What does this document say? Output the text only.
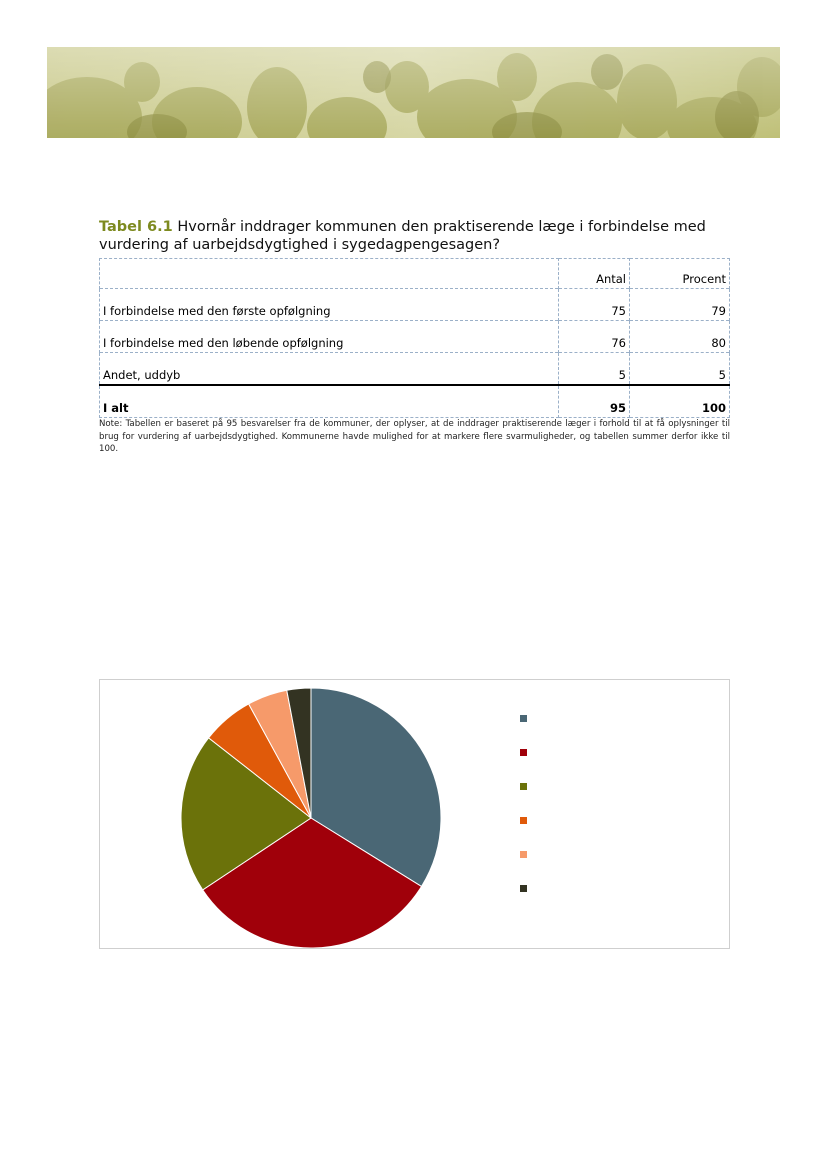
Tabel 6.1 Hvornår inddrager kommunen den praktiserende læge i forbindelse med
vurdering af uarbejdsdygtighed i sygedagpengesagen?
	Antal	Procent
I forbindelse med den første opfølgning	75	79
I forbindelse med den løbende opfølgning	76	80
Andet, uddyb	5	5
I alt	95	100
Note: Tabellen er baseret på 95 besvarelser fra de kommuner, der oplyser, at de inddrager praktiserende læger i forhold til at få oplysninger til brug for vurdering af uarbejdsdygtighed. Kommunerne havde mulighed for at markere flere svarmuligheder, og tabellen summer derfor ikke til 100.
